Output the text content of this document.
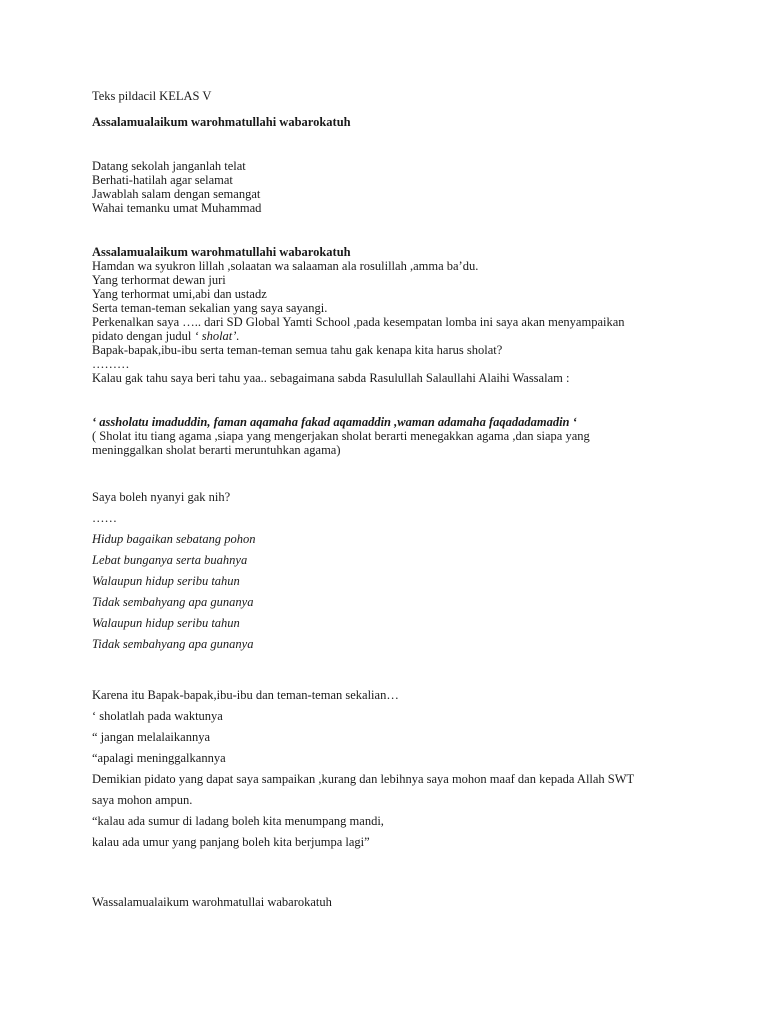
Teks pildacil KELAS V
Assalamualaikum warohmatullahi wabarokatuh
Datang sekolah janganlah telat
Berhati-hatilah agar selamat
Jawablah salam dengan semangat
Wahai temanku umat Muhammad
Assalamualaikum warohmatullahi wabarokatuh
Hamdan wa syukron lillah ,solaatan wa salaaman ala rosulillah ,amma ba’du.
Yang terhormat dewan juri
Yang terhormat umi,abi dan ustadz
Serta teman-teman sekalian yang saya sayangi.
Perkenalkan saya ….. dari SD Global Yamti School ,pada kesempatan lomba ini saya akan menyampaikan
pidato dengan judul ‘ sholat’.
Bapak-bapak,ibu-ibu serta teman-teman semua tahu gak kenapa kita harus sholat?
………
Kalau gak tahu saya beri tahu yaa.. sebagaimana sabda Rasulullah Salaullahi Alaihi Wassalam :
‘ assholatu imaduddin, faman aqamaha fakad aqamaddin ,waman adamaha faqadadamadin ‘
( Sholat itu tiang agama ,siapa yang mengerjakan sholat berarti menegakkan agama ,dan siapa yang
meninggalkan sholat berarti meruntuhkan agama)
Saya boleh nyanyi gak nih?
……
Hidup bagaikan sebatang pohon
Lebat bunganya serta buahnya
Walaupun hidup seribu tahun
Tidak sembahyang apa gunanya
Walaupun hidup seribu tahun
Tidak sembahyang apa gunanya
Karena itu Bapak-bapak,ibu-ibu dan teman-teman sekalian…
‘ sholatlah pada waktunya
“ jangan melalaikannya
“apalagi meninggalkannya
Demikian pidato yang dapat saya sampaikan ,kurang dan lebihnya saya mohon maaf dan kepada Allah SWT
saya mohon ampun.
“kalau ada sumur di ladang boleh kita menumpang mandi,
kalau ada umur yang panjang boleh kita berjumpa lagi”
Wassalamualaikum warohmatullai wabarokatuh
